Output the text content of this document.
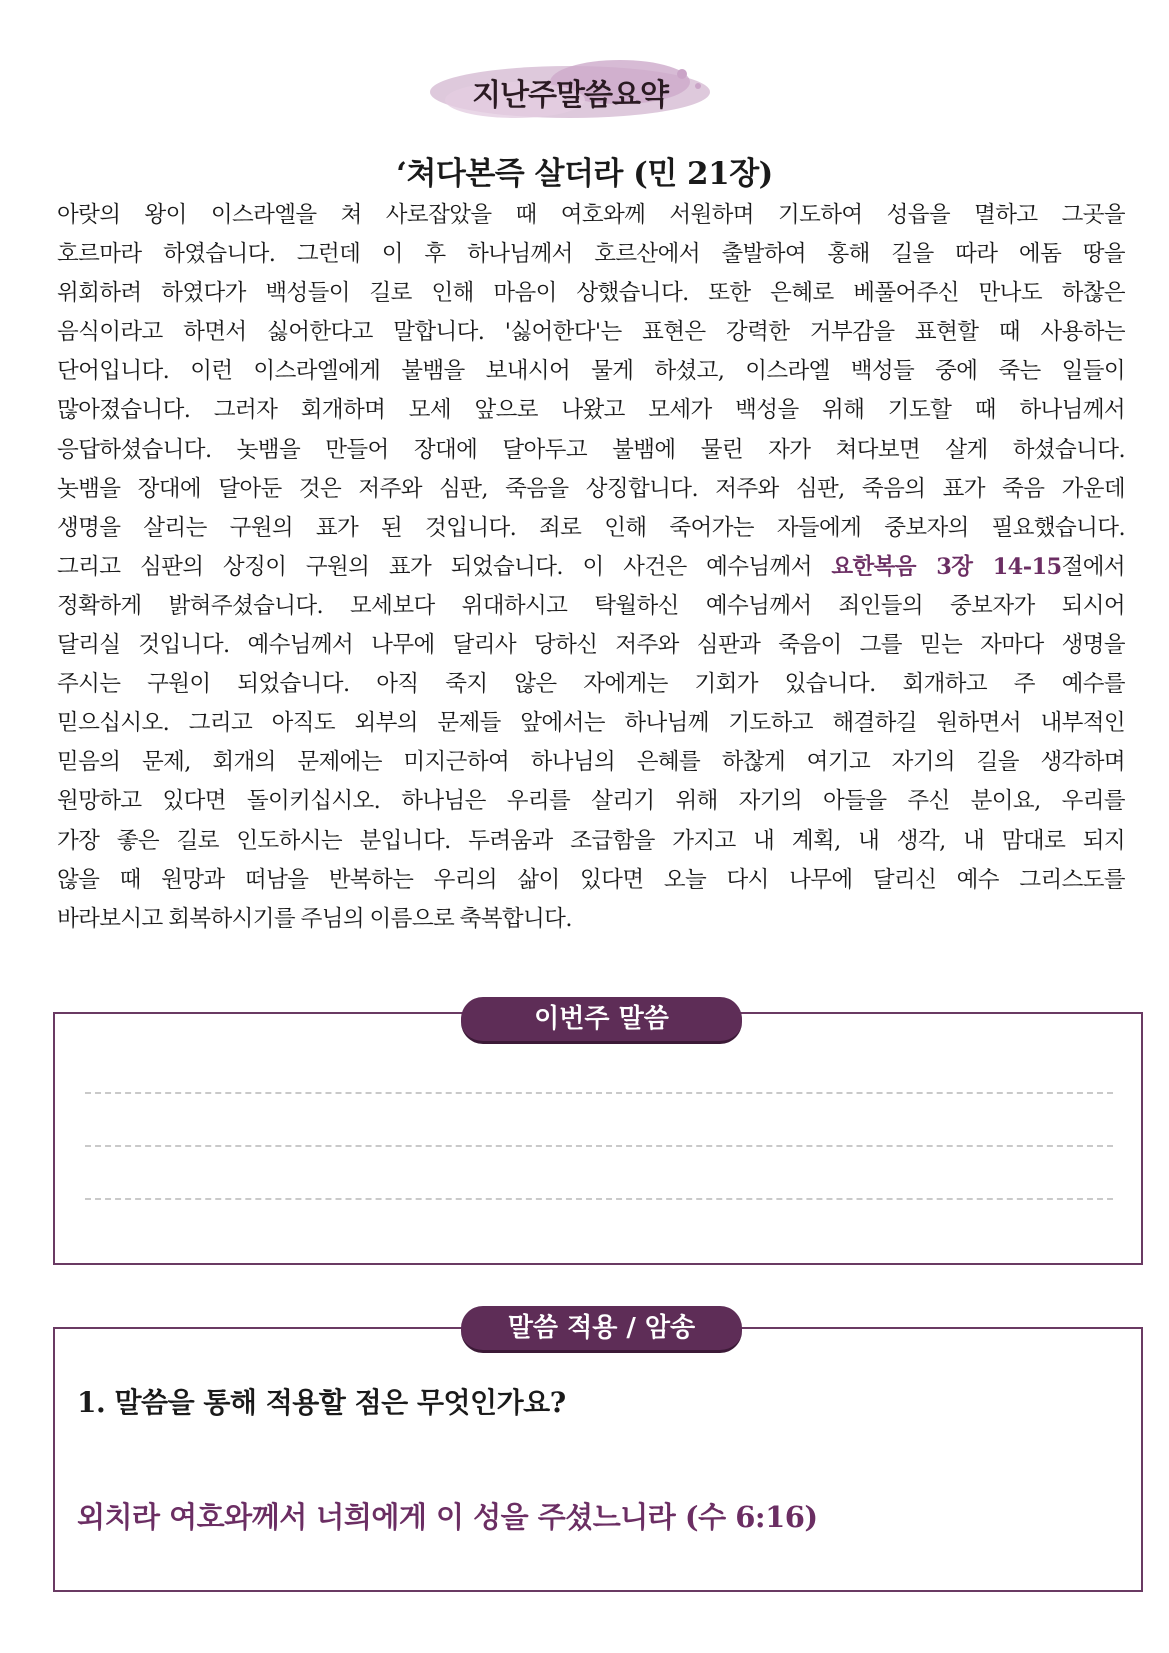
지난주말씀요약
‘쳐다본즉 살더라 (민 21장)
아랏의 왕이 이스라엘을 쳐 사로잡았을 때 여호와께 서원하며 기도하여 성읍을 멸하고 그곳을
호르마라 하였습니다. 그런데 이 후 하나님께서 호르산에서 출발하여 홍해 길을 따라 에돔 땅을
위회하려 하였다가 백성들이 길로 인해 마음이 상했습니다. 또한 은혜로 베풀어주신 만나도 하찮은
음식이라고 하면서 싫어한다고 말합니다. '싫어한다'는 표현은 강력한 거부감을 표현할 때 사용하는
단어입니다. 이런 이스라엘에게 불뱀을 보내시어 물게 하셨고, 이스라엘 백성들 중에 죽는 일들이
많아졌습니다. 그러자 회개하며 모세 앞으로 나왔고 모세가 백성을 위해 기도할 때 하나님께서
응답하셨습니다. 놋뱀을 만들어 장대에 달아두고 불뱀에 물린 자가 쳐다보면 살게 하셨습니다.
놋뱀을 장대에 달아둔 것은 저주와 심판, 죽음을 상징합니다. 저주와 심판, 죽음의 표가 죽음 가운데
생명을 살리는 구원의 표가 된 것입니다. 죄로 인해 죽어가는 자들에게 중보자의 필요했습니다.
그리고 심판의 상징이 구원의 표가 되었습니다. 이 사건은 예수님께서 요한복음 3장 14-15절에서
정확하게 밝혀주셨습니다. 모세보다 위대하시고 탁월하신 예수님께서 죄인들의 중보자가 되시어
달리실 것입니다. 예수님께서 나무에 달리사 당하신 저주와 심판과 죽음이 그를 믿는 자마다 생명을
주시는 구원이 되었습니다. 아직 죽지 않은 자에게는 기회가 있습니다. 회개하고 주 예수를
믿으십시오. 그리고 아직도 외부의 문제들 앞에서는 하나님께 기도하고 해결하길 원하면서 내부적인
믿음의 문제, 회개의 문제에는 미지근하여 하나님의 은혜를 하찮게 여기고 자기의 길을 생각하며
원망하고 있다면 돌이키십시오. 하나님은 우리를 살리기 위해 자기의 아들을 주신 분이요, 우리를
가장 좋은 길로 인도하시는 분입니다. 두려움과 조급함을 가지고 내 계획, 내 생각, 내 맘대로 되지
않을 때 원망과 떠남을 반복하는 우리의 삶이 있다면 오늘 다시 나무에 달리신 예수 그리스도를
바라보시고 회복하시기를 주님의 이름으로 축복합니다.
이번주 말씀
1. 말씀을 통해 적용할 점은 무엇인가요?
외치라 여호와께서 너희에게 이 성을 주셨느니라 (수 6:16)
말씀 적용 / 암송
